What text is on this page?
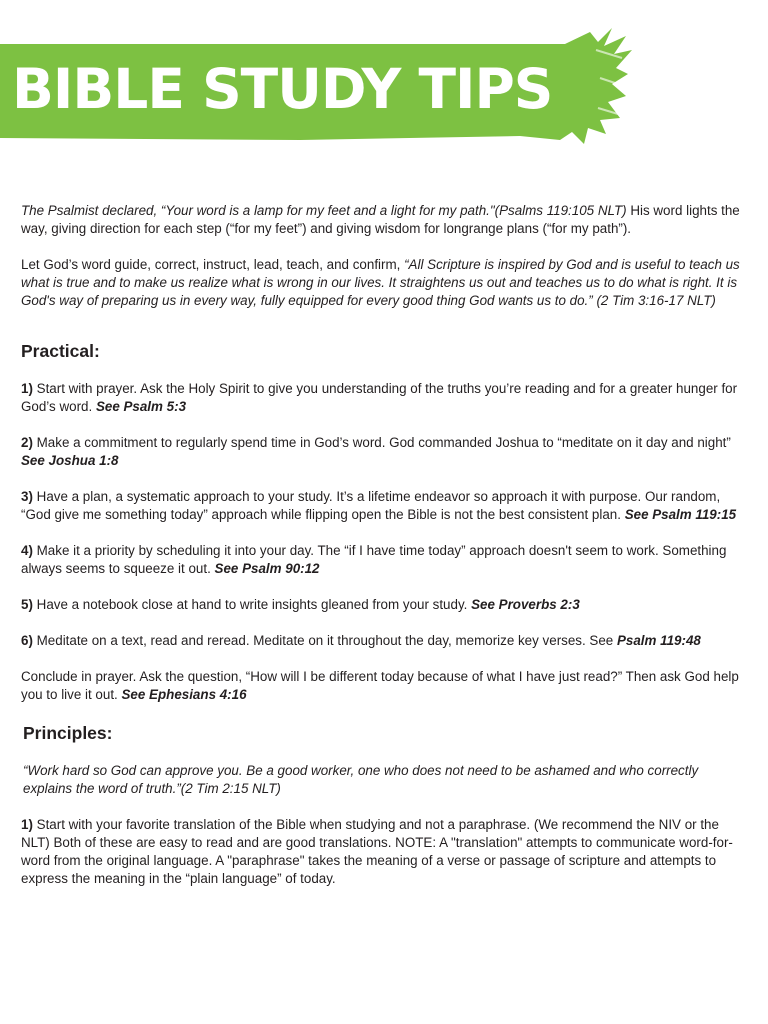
BIBLE STUDY TIPS

The Psalmist declared, “Your word is a lamp for my feet and a light for my path."(Psalms 119:105 NLT) His word lights the way, giving direction for each step (“for my feet”) and giving wisdom for longrange plans (“for my path”).

Let God’s word guide, correct, instruct, lead, teach, and confirm, “All Scripture is inspired by God and is useful to teach us what is true and to make us realize what is wrong in our lives. It straightens us out and teaches us to do what is right. It is God's way of preparing us in every way, fully equipped for every good thing God wants us to do.” (2 Tim 3:16-17 NLT)

Practical:

1) Start with prayer. Ask the Holy Spirit to give you understanding of the truths you’re reading and for a greater hunger for God’s word. See Psalm 5:3

2) Make a commitment to regularly spend time in God’s word. God commanded Joshua to “meditate on it day and night” See Joshua 1:8

3) Have a plan, a systematic approach to your study. It’s a lifetime endeavor so approach it with purpose. Our random, “God give me something today” approach while flipping open the Bible is not the best consistent plan. See Psalm 119:15

4) Make it a priority by scheduling it into your day. The “if I have time today” approach doesn't seem to work. Something always seems to squeeze it out. See Psalm 90:12

5) Have a notebook close at hand to write insights gleaned from your study. See Proverbs 2:3

6) Meditate on a text, read and reread. Meditate on it throughout the day, memorize key verses. See Psalm 119:48

Conclude in prayer. Ask the question, “How will I be different today because of what I have just read?” Then ask God help you to live it out. See Ephesians 4:16

Principles:

“Work hard so God can approve you. Be a good worker, one who does not need to be ashamed and who correctly explains the word of truth.”(2 Tim 2:15 NLT)

1) Start with your favorite translation of the Bible when studying and not a paraphrase. (We recommend the NIV or the NLT) Both of these are easy to read and are good translations. NOTE: A "translation" attempts to communicate word-for-word from the original language. A "paraphrase" takes the meaning of a verse or passage of scripture and attempts to express the meaning in the “plain language” of today.
